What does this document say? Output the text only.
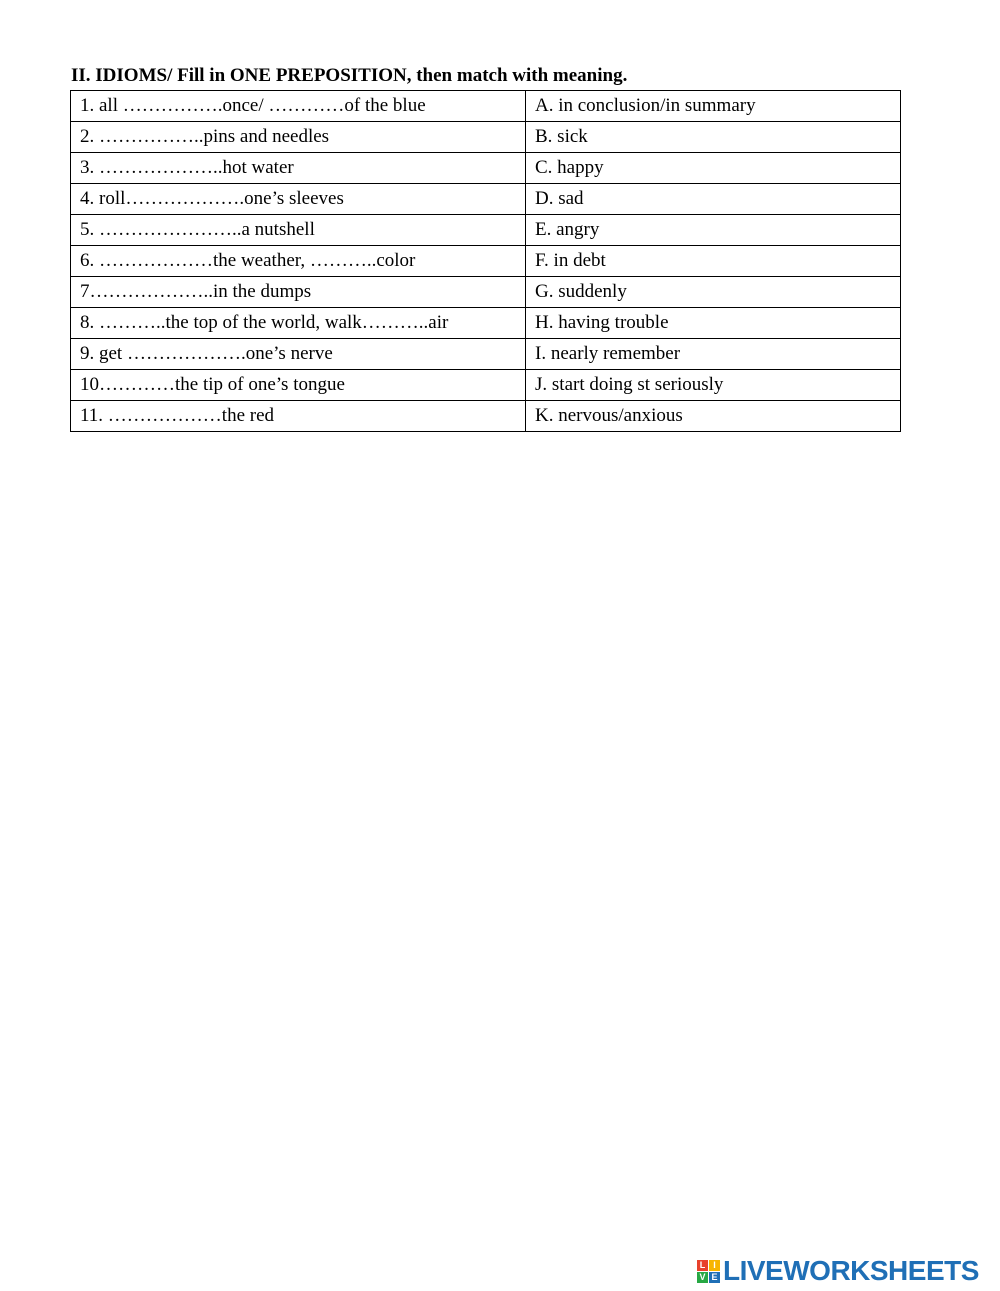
II. IDIOMS/ Fill in ONE PREPOSITION, then match with meaning.
1. all …………….once/ …………of the blue	A. in conclusion/in summary
2. ……………..pins and needles	B. sick
3. ………………..hot water	C. happy
4. roll……………….one’s sleeves	D. sad
5. …………………..a nutshell	E. angry
6. ………………the weather, ………..color	F. in debt
7………………..in the dumps	G. suddenly
8. ………..the top of the world, walk………..air	H. having trouble
9. get ……………….one’s nerve	I. nearly remember
10…………the tip of one’s tongue	J. start doing st seriously
11. ………………the red	K. nervous/anxious
L I
V E LIVEWORKSHEETS
